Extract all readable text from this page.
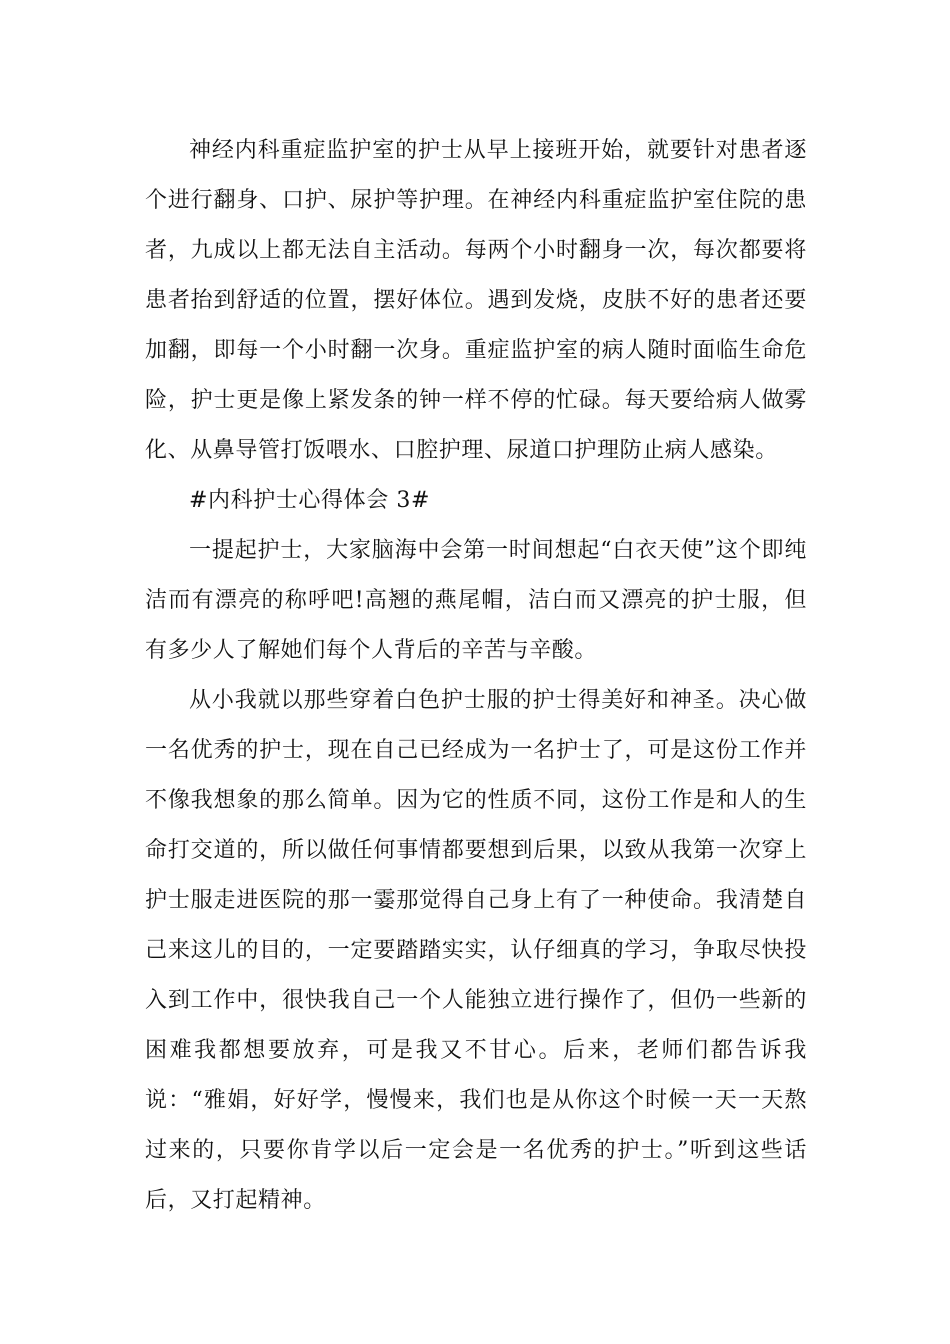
神经内科重症监护室的护士从早上接班开始，就要针对患者逐个进行翻身、口护、尿护等护理。在神经内科重症监护室住院的患者，九成以上都无法自主活动。每两个小时翻身一次，每次都要将患者抬到舒适的位置，摆好体位。遇到发烧，皮肤不好的患者还要加翻，即每一个小时翻一次身。重症监护室的病人随时面临生命危险，护士更是像上紧发条的钟一样不停的忙碌。每天要给病人做雾化、从鼻导管打饭喂水、口腔护理、尿道口护理防止病人感染。

#内科护士心得体会 3#

一提起护士，大家脑海中会第一时间想起“白衣天使”这个即纯洁而有漂亮的称呼吧!高翘的燕尾帽，洁白而又漂亮的护士服，但有多少人了解她们每个人背后的辛苦与辛酸。

从小我就以那些穿着白色护士服的护士得美好和神圣。决心做一名优秀的护士，现在自己已经成为一名护士了，可是这份工作并不像我想象的那么简单。因为它的性质不同，这份工作是和人的生命打交道的，所以做任何事情都要想到后果，以致从我第一次穿上护士服走进医院的那一霎那觉得自己身上有了一种使命。我清楚自己来这儿的目的，一定要踏踏实实，认仔细真的学习，争取尽快投入到工作中，很快我自己一个人能独立进行操作了，但仍一些新的困难我都想要放弃，可是我又不甘心。后来，老师们都告诉我说：“雅娟，好好学，慢慢来，我们也是从你这个时候一天一天熬过来的，只要你肯学以后一定会是一名优秀的护士。”听到这些话后，又打起精神。
